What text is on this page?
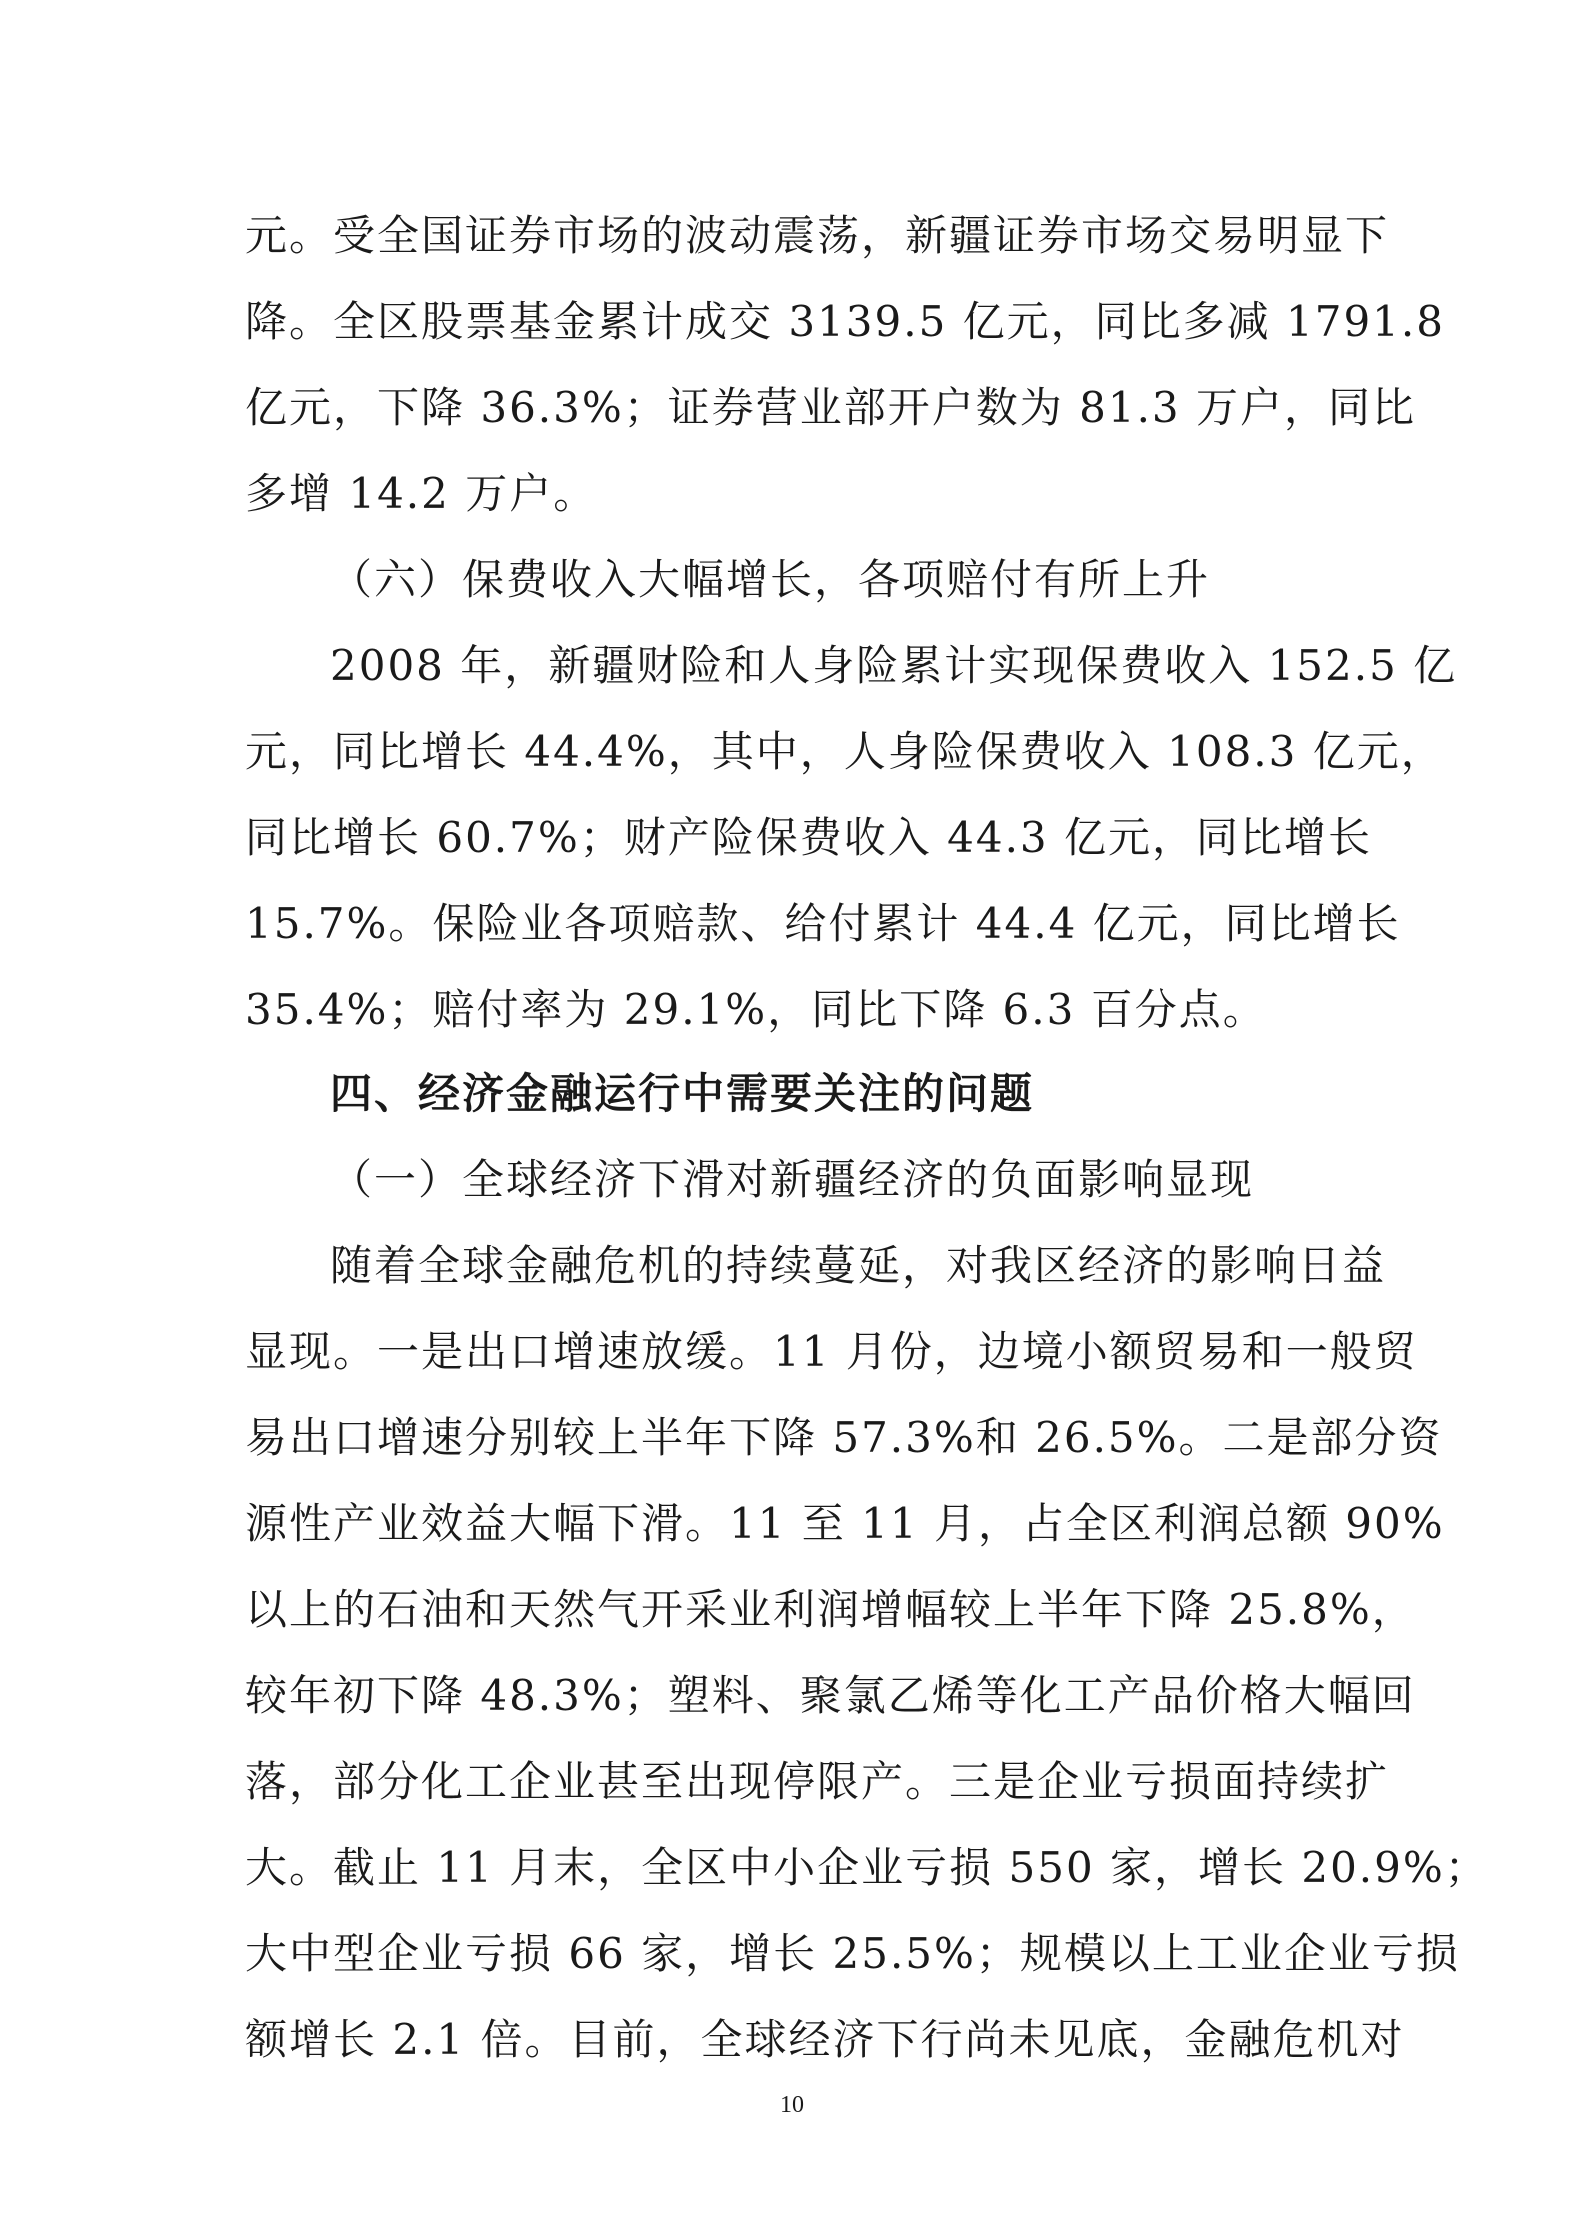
元。受全国证券市场的波动震荡，新疆证券市场交易明显下
降。全区股票基金累计成交 3139.5 亿元，同比多减 1791.8
亿元，下降 36.3%；证券营业部开户数为 81.3 万户，同比
多增 14.2 万户。
（六）保费收入大幅增长，各项赔付有所上升
2008 年，新疆财险和人身险累计实现保费收入 152.5 亿
元，同比增长 44.4%，其中，人身险保费收入 108.3 亿元，
同比增长 60.7%；财产险保费收入 44.3 亿元，同比增长
15.7%。保险业各项赔款、给付累计 44.4 亿元，同比增长
35.4%；赔付率为 29.1%，同比下降 6.3 百分点。
四、经济金融运行中需要关注的问题
（一）全球经济下滑对新疆经济的负面影响显现
随着全球金融危机的持续蔓延，对我区经济的影响日益
显现。一是出口增速放缓。11 月份，边境小额贸易和一般贸
易出口增速分别较上半年下降 57.3%和 26.5%。二是部分资
源性产业效益大幅下滑。11 至 11 月，占全区利润总额 90%
以上的石油和天然气开采业利润增幅较上半年下降 25.8%，
较年初下降 48.3%；塑料、聚氯乙烯等化工产品价格大幅回
落，部分化工企业甚至出现停限产。三是企业亏损面持续扩
大。截止 11 月末，全区中小企业亏损 550 家，增长 20.9%；
大中型企业亏损 66 家，增长 25.5%；规模以上工业企业亏损
额增长 2.1 倍。目前，全球经济下行尚未见底，金融危机对
10
